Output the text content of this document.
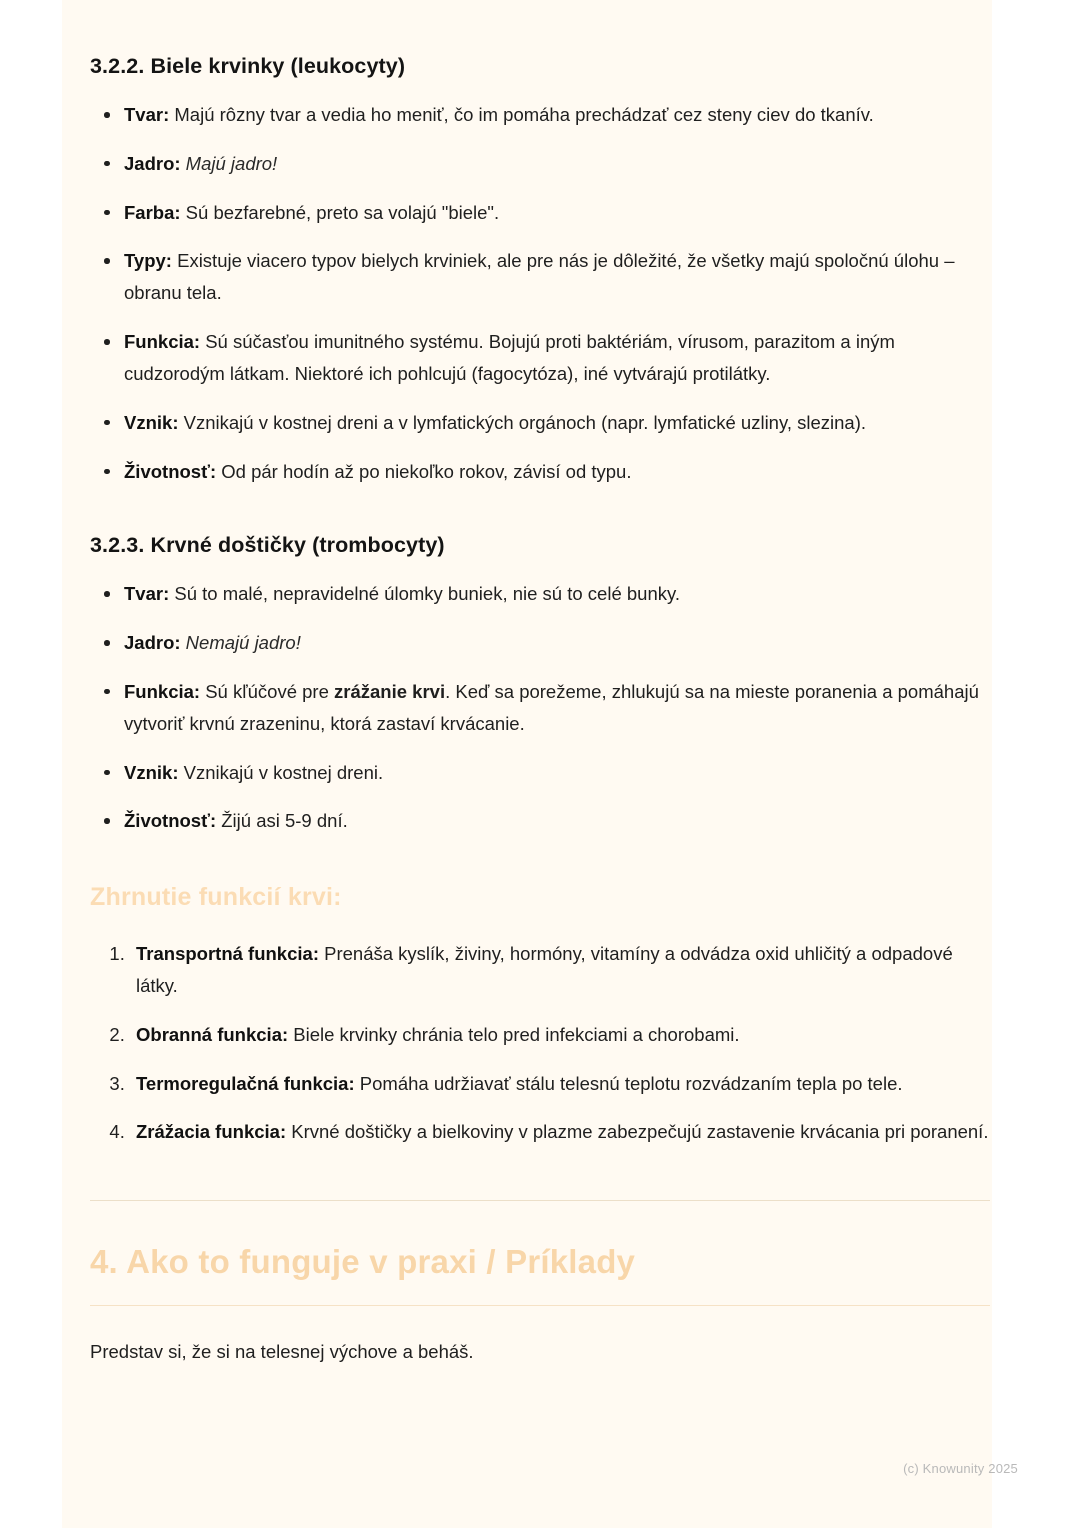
3.2.2. Biele krvinky (leukocyty)
Tvar: Majú rôzny tvar a vedia ho meniť, čo im pomáha prechádzať cez steny ciev do tkanív.
Jadro: Majú jadro!
Farba: Sú bezfarebné, preto sa volajú "biele".
Typy: Existuje viacero typov bielych krviniek, ale pre nás je dôležité, že všetky majú spoločnú úlohu – obranu tela.
Funkcia: Sú súčasťou imunitného systému. Bojujú proti baktériám, vírusom, parazitom a iným cudzorodým látkam. Niektoré ich pohlcujú (fagocytóza), iné vytvárajú protilátky.
Vznik: Vznikajú v kostnej dreni a v lymfatických orgánoch (napr. lymfatické uzliny, slezina).
Životnosť: Od pár hodín až po niekoľko rokov, závisí od typu.
3.2.3. Krvné doštičky (trombocyty)
Tvar: Sú to malé, nepravidelné úlomky buniek, nie sú to celé bunky.
Jadro: Nemajú jadro!
Funkcia: Sú kľúčové pre zrážanie krvi. Keď sa porežeme, zhlukujú sa na mieste poranenia a pomáhajú vytvoriť krvnú zrazeninu, ktorá zastaví krvácanie.
Vznik: Vznikajú v kostnej dreni.
Životnosť: Žijú asi 5-9 dní.
Zhrnutie funkcií krvi:
1. Transportná funkcia: Prenáša kyslík, živiny, hormóny, vitamíny a odvádza oxid uhličitý a odpadové látky.
2. Obranná funkcia: Biele krvinky chránia telo pred infekciami a chorobami.
3. Termoregulačná funkcia: Pomáha udržiavať stálu telesnú teplotu rozvádzaním tepla po tele.
4. Zrážacia funkcia: Krvné doštičky a bielkoviny v plazme zabezpečujú zastavenie krvácania pri poranení.
4. Ako to funguje v praxi / Príklady

Predstav si, že si na telesnej výchove a beháš.

(c) Knowunity 2025
